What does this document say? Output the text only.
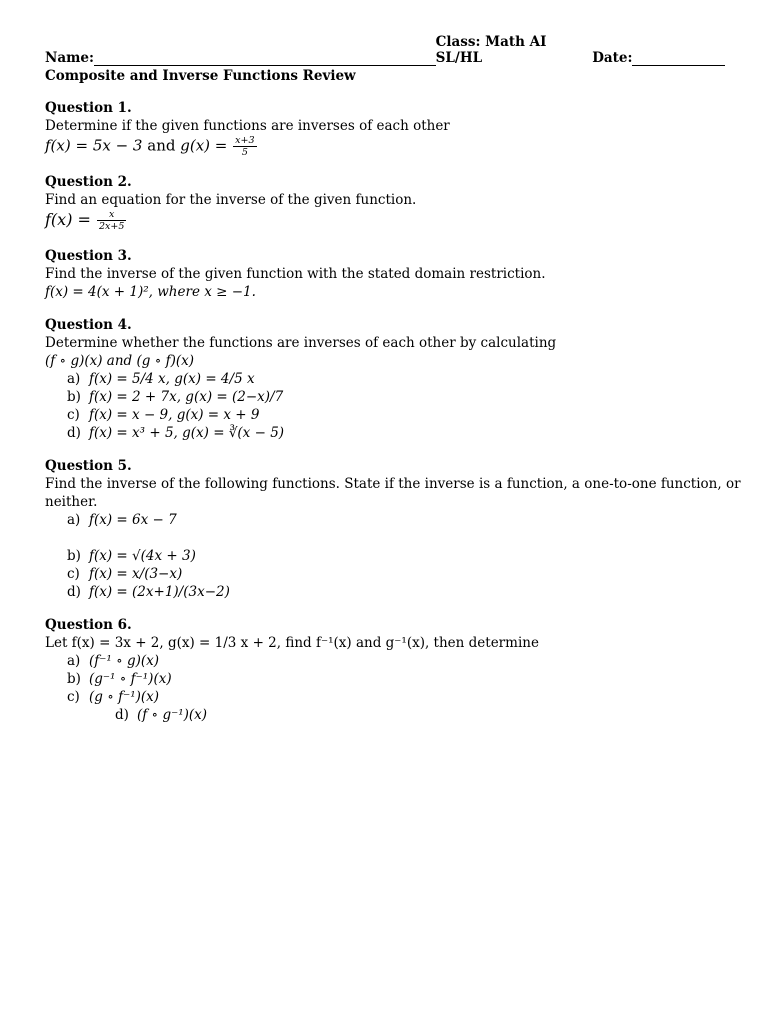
Name:
Class: Math AI SL/HL	Date:
Composite and Inverse Functions Review
Question 1.
Determine if the given functions are inverses of each other
f(x) = 5x − 3 and $g(x) = \frac{x+3}{5}$
Question 2.
Find an equation for the inverse of the given function.
$f(x) = \frac{x}{2x+5}$
Question 3.
Find the inverse of the given function with the stated domain restriction.
f(x) = 4(x + 1)², where x ≥ −1.
Question 4.
Determine whether the functions are inverses of each other by calculating
(f ∘ g)(x) and (g ∘ f)(x)
a) f(x) = 5/4 x, g(x) = 4/5 x
b) f(x) = 2 + 7x, g(x) = (2−x)/7
c) f(x) = x − 9, g(x) = x + 9
d) f(x) = x³ + 5, g(x) = ∛(x − 5)
Question 5.
Find the inverse of the following functions. State if the inverse is a function, a one-to-one function, or
neither.
a) f(x) = 6x − 7
b) f(x) = √(4x + 3)
c) f(x) = x/(3−x)
d) f(x) = (2x+1)/(3x−2)
Question 6.
Let f(x) = 3x + 2, g(x) = 1/3 x + 2, find f⁻¹(x) and g⁻¹(x), then determine
a) (f⁻¹ ∘ g)(x)
b) (g⁻¹ ∘ f⁻¹)(x)
c) (g ∘ f⁻¹)(x)
d) (f ∘ g⁻¹)(x)
